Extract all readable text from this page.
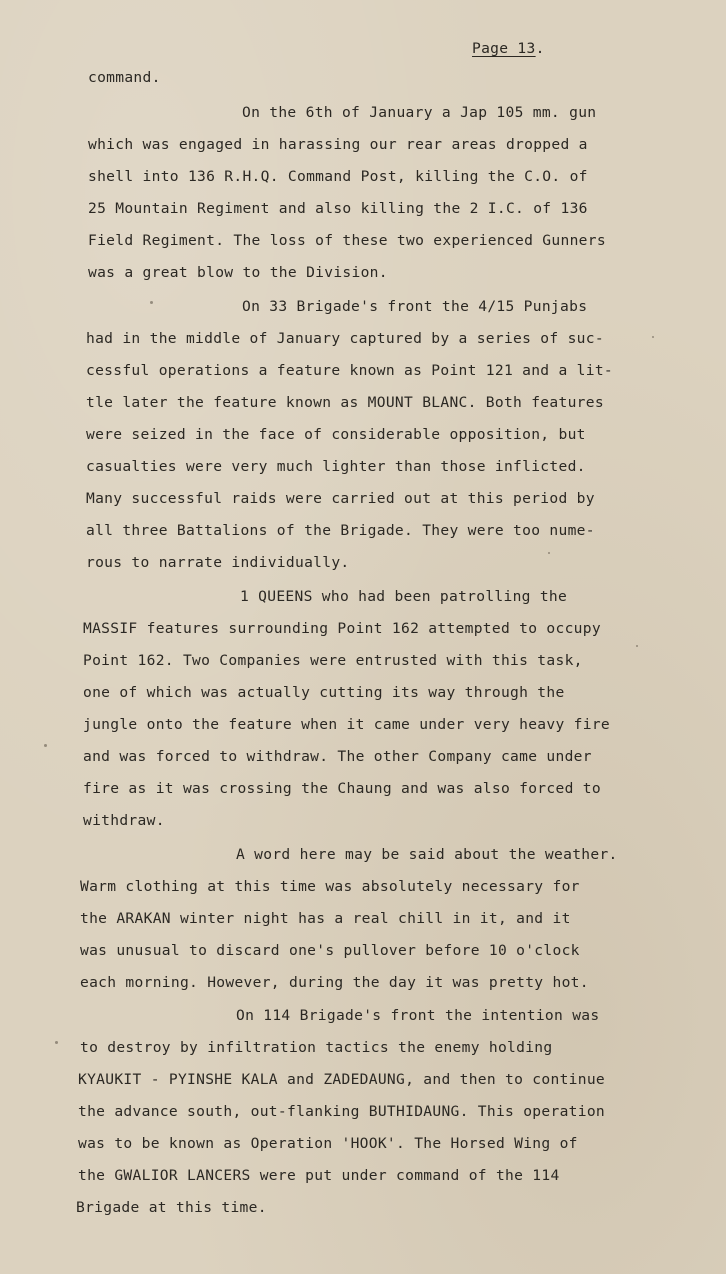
Page 13.
command.
On the 6th of January a Jap 105 mm. gun
which was engaged in harassing our rear areas dropped a
shell into 136 R.H.Q. Command Post, killing the C.O. of
25 Mountain Regiment and also killing the 2 I.C. of 136
Field Regiment. The loss of these two experienced Gunners
was a great blow to the Division.
On 33 Brigade's front the 4/15 Punjabs
had in the middle of January captured by a series of suc-
cessful operations a feature known as Point 121 and a lit-
tle later the feature known as MOUNT BLANC. Both features
were seized in the face of considerable opposition, but
casualties were very much lighter than those inflicted.
Many successful raids were carried out at this period by
all three Battalions of the Brigade. They were too nume-
rous to narrate individually.
1 QUEENS who had been patrolling the
MASSIF features surrounding Point 162 attempted to occupy
Point 162. Two Companies were entrusted with this task,
one of which was actually cutting its way through the
jungle onto the feature when it came under very heavy fire
and was forced to withdraw. The other Company came under
fire as it was crossing the Chaung and was also forced to
withdraw.
A word here may be said about the weather.
Warm clothing at this time was absolutely necessary for
the ARAKAN winter night has a real chill in it, and it
was unusual to discard one's pullover before 10 o'clock
each morning. However, during the day it was pretty hot.
On 114 Brigade's front the intention was
to destroy by infiltration tactics the enemy holding
KYAUKIT - PYINSHE KALA and ZADEDAUNG, and then to continue
the advance south, out-flanking BUTHIDAUNG. This operation
was to be known as Operation 'HOOK'. The Horsed Wing of
the GWALIOR LANCERS were put under command of the 114
Brigade at this time.
